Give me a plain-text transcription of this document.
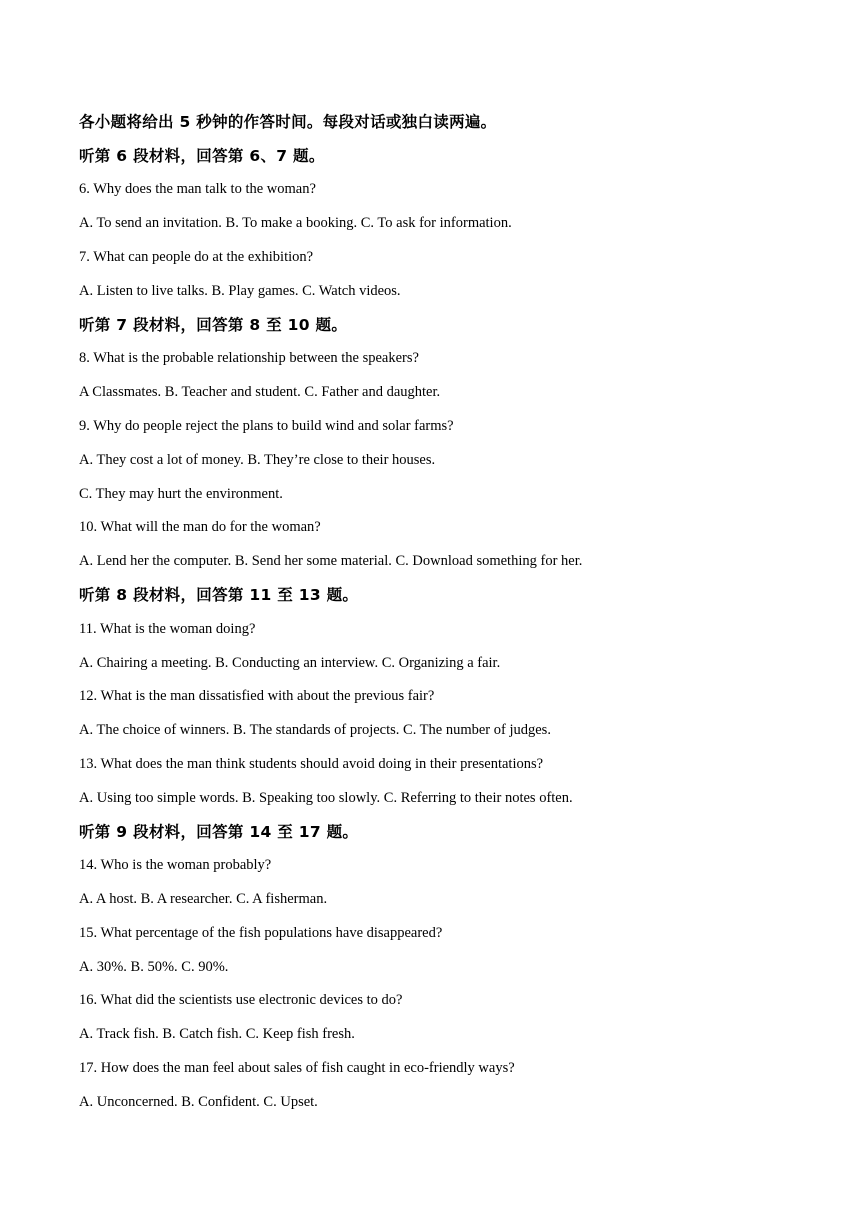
各小题将给出 5 秒钟的作答时间。每段对话或独白读两遍。
听第 6 段材料，回答第 6、7 题。
6. Why does the man talk to the woman?
A. To send an invitation. B. To make a booking. C. To ask for information.
7. What can people do at the exhibition?
A. Listen to live talks. B. Play games. C. Watch videos.
听第 7 段材料，回答第 8 至 10 题。
8. What is the probable relationship between the speakers?
A Classmates. B. Teacher and student. C. Father and daughter.
9. Why do people reject the plans to build wind and solar farms?
A. They cost a lot of money. B. They’re close to their houses.
C. They may hurt the environment.
10. What will the man do for the woman?
A. Lend her the computer. B. Send her some material. C. Download something for her.
听第 8 段材料，回答第 11 至 13 题。
11. What is the woman doing?
A. Chairing a meeting. B. Conducting an interview. C. Organizing a fair.
12. What is the man dissatisfied with about the previous fair?
A. The choice of winners. B. The standards of projects. C. The number of judges.
13. What does the man think students should avoid doing in their presentations?
A. Using too simple words. B. Speaking too slowly. C. Referring to their notes often.
听第 9 段材料，回答第 14 至 17 题。
14. Who is the woman probably?
A. A host. B. A researcher. C. A fisherman.
15. What percentage of the fish populations have disappeared?
A. 30%. B. 50%. C. 90%.
16. What did the scientists use electronic devices to do?
A. Track fish. B. Catch fish. C. Keep fish fresh.
17. How does the man feel about sales of fish caught in eco-friendly ways?
A. Unconcerned. B. Confident. C. Upset.
